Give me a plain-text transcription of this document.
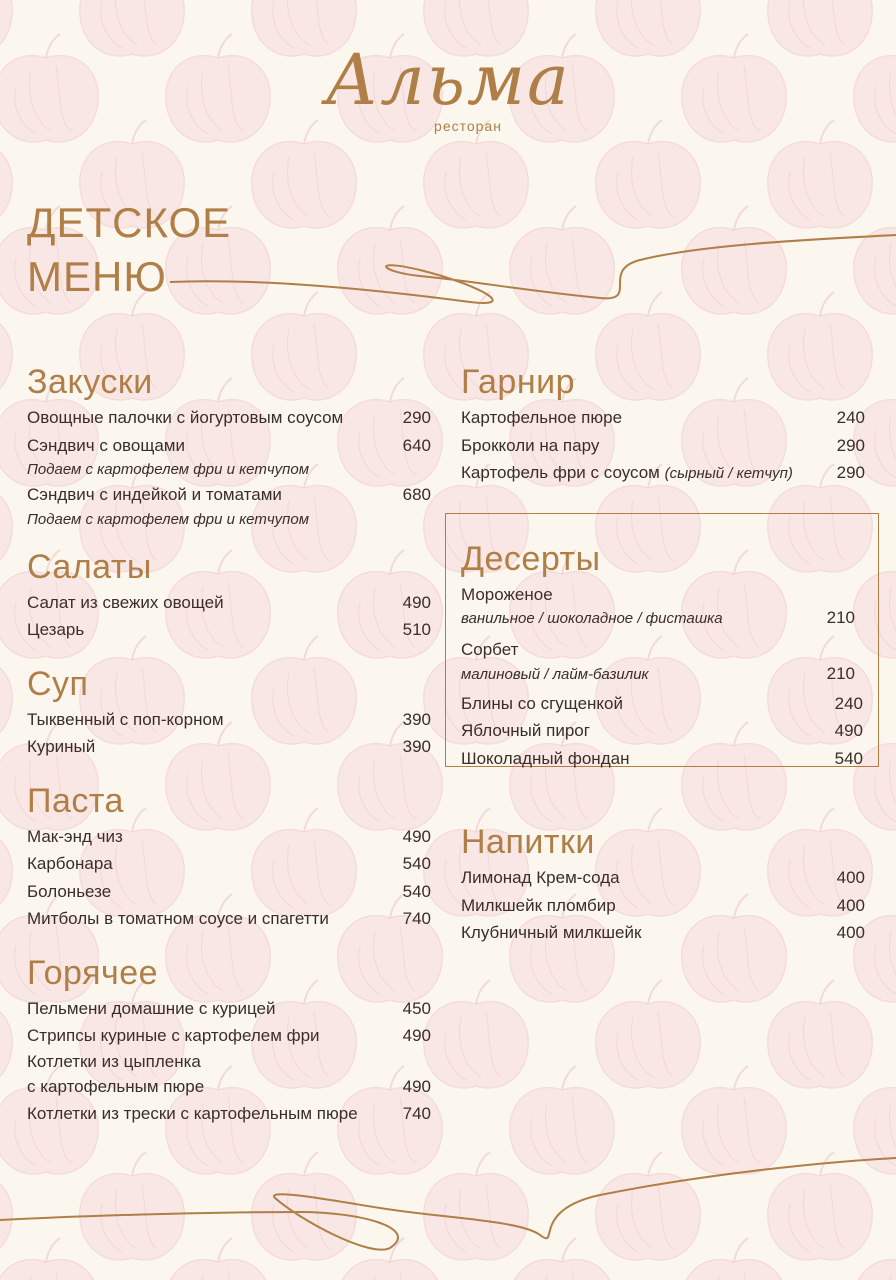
Альма
ресторан
ДЕТСКОЕ
МЕНЮ
Закуски
Овощные палочки с йогуртовым соусом	290
Сэндвич с овощами	640
Подаем с картофелем фри и кетчупом
Сэндвич с индейкой и томатами	680
Подаем с картофелем фри и кетчупом
Салаты
Салат из свежих овощей	490
Цезарь	510
Суп
Тыквенный с поп-корном	390
Куриный	390
Паста
Мак-энд чиз	490
Карбонара	540
Болоньезе	540
Митболы в томатном соусе и спагетти	740
Горячее
Пельмени домашние с курицей	450
Стрипсы куриные с картофелем фри	490
Котлетки из цыпленка
с картофельным пюре	490
Котлетки из трески с картофельным пюре	740
Гарнир
Картофельное пюре	240
Брокколи на пару	290
Картофель фри с соусом (сырный / кетчуп)	290
Десерты
Мороженое
ванильное / шоколадное / фисташка	210
Сорбет
малиновый / лайм-базилик	210
Блины со сгущенкой	240
Яблочный пирог	490
Шоколадный фондан	540
Напитки
Лимонад Крем-сода	400
Милкшейк пломбир	400
Клубничный милкшейк	400
